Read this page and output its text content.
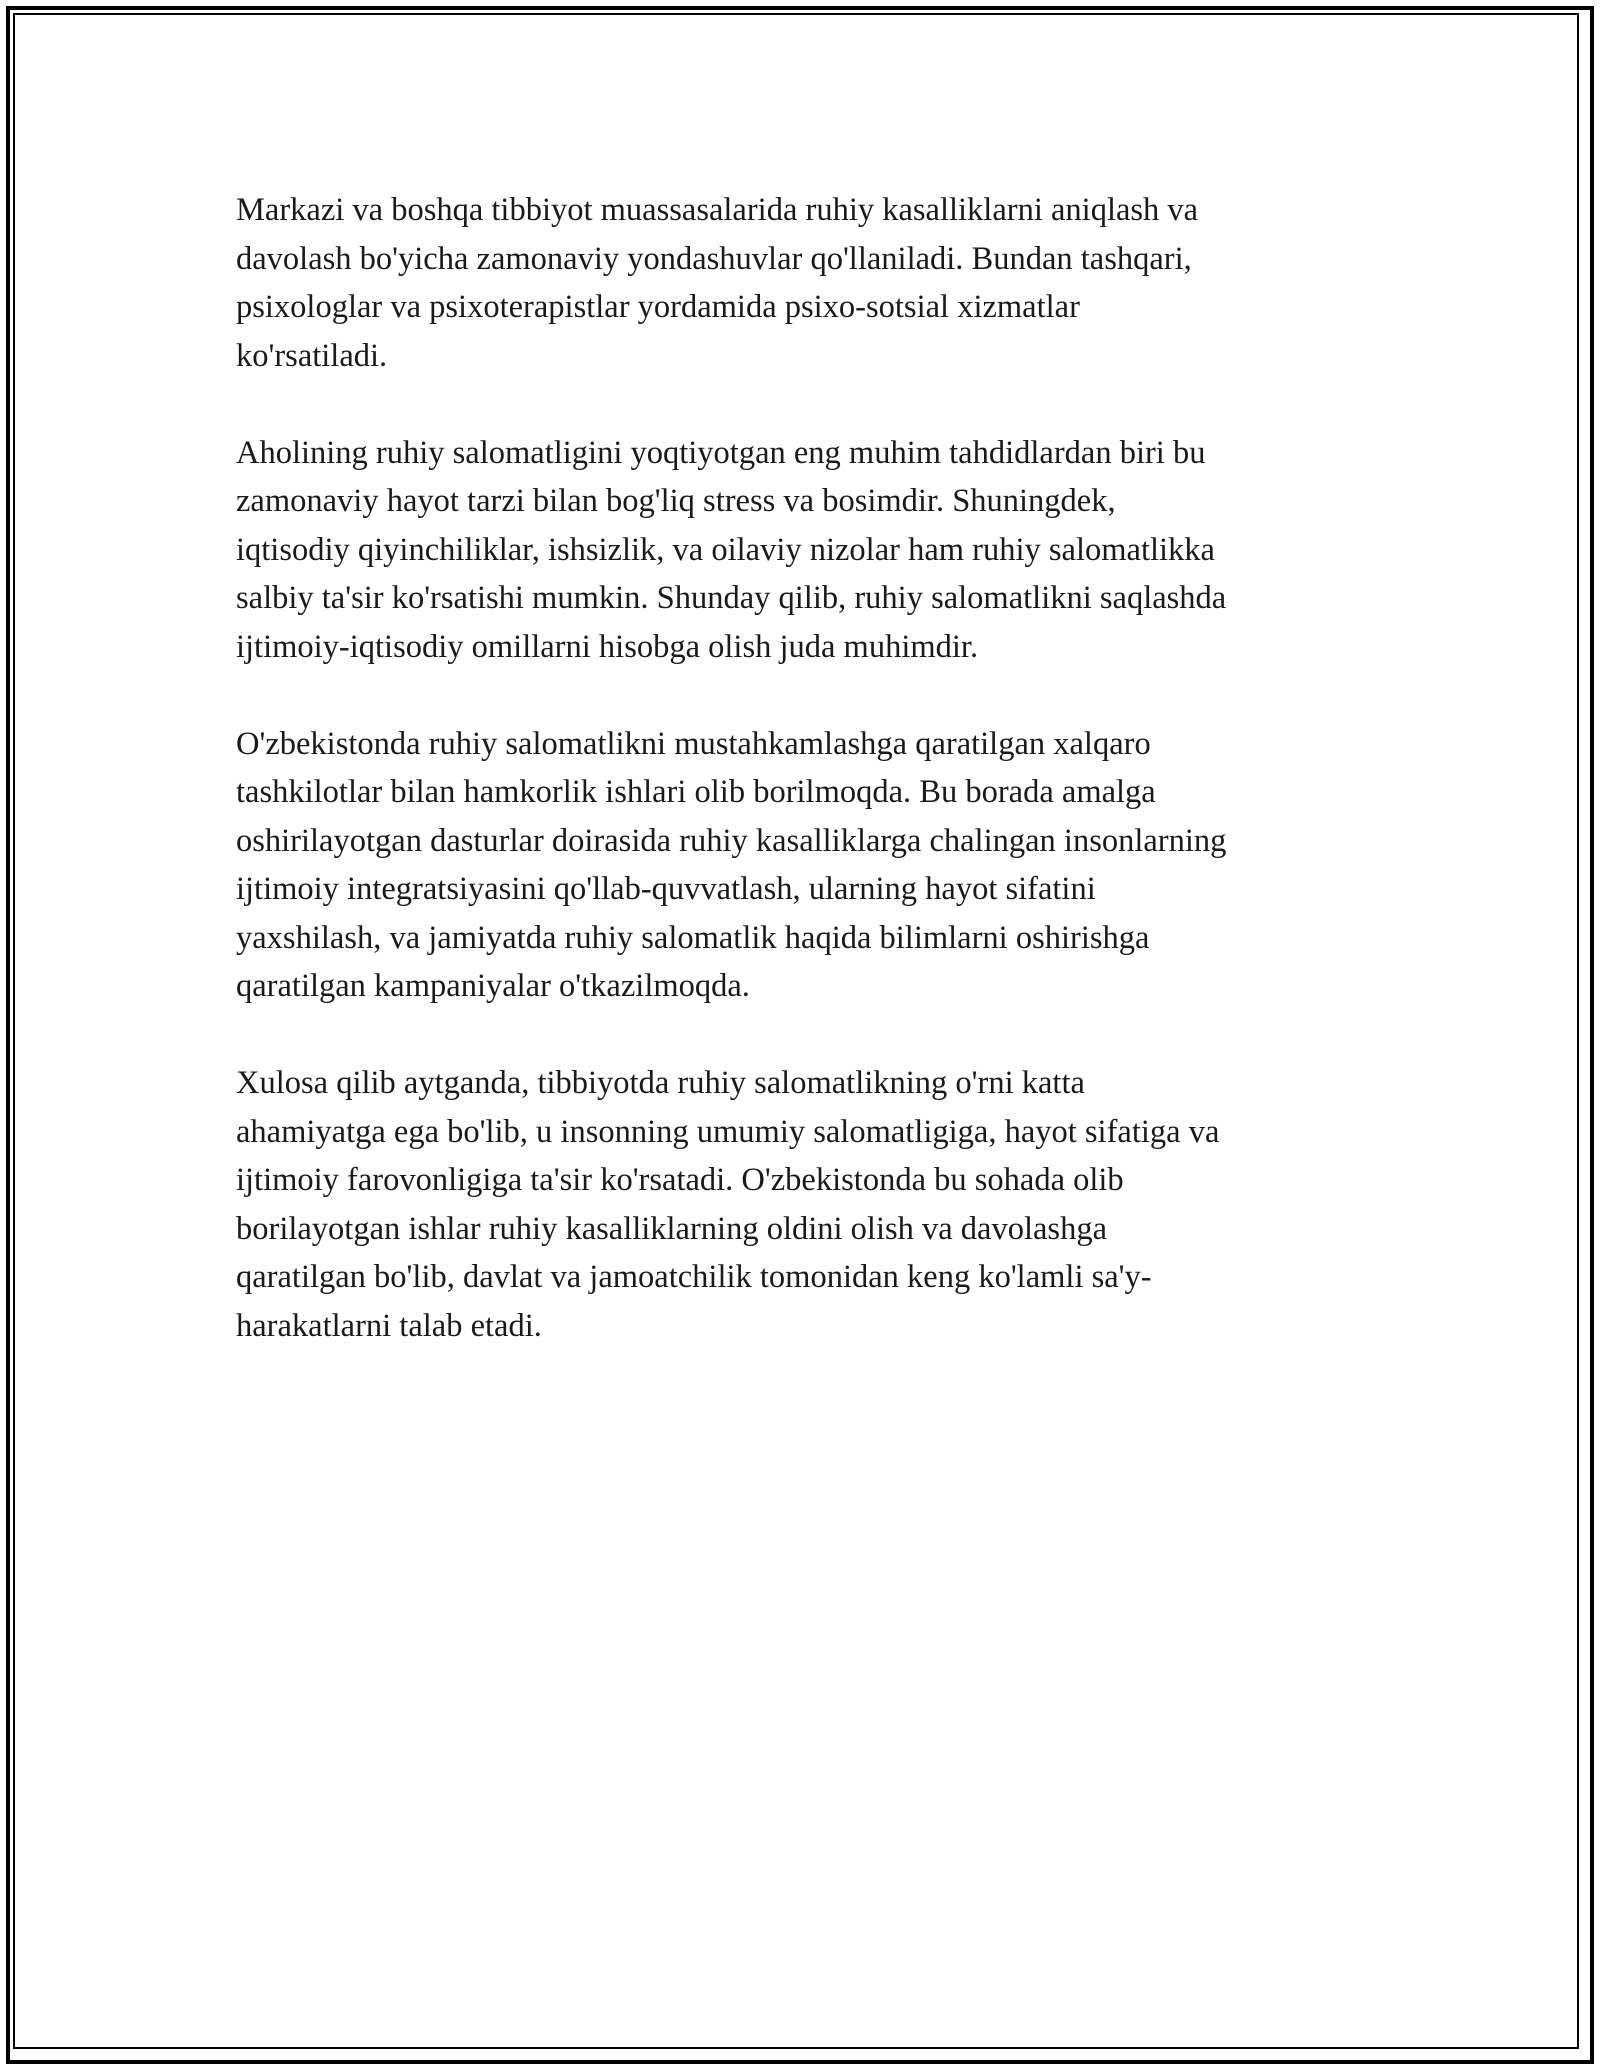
Markazi va boshqa tibbiyot muassasalarida ruhiy kasalliklarni aniqlash va
davolash bo'yicha zamonaviy yondashuvlar qo'llaniladi. Bundan tashqari,
psixologlar va psixoterapistlar yordamida psixo-sotsial xizmatlar
ko'rsatiladi.

Aholining ruhiy salomatligini yoqtiyotgan eng muhim tahdidlardan biri bu
zamonaviy hayot tarzi bilan bog'liq stress va bosimdir. Shuningdek,
iqtisodiy qiyinchiliklar, ishsizlik, va oilaviy nizolar ham ruhiy salomatlikka
salbiy ta'sir ko'rsatishi mumkin. Shunday qilib, ruhiy salomatlikni saqlashda
ijtimoiy-iqtisodiy omillarni hisobga olish juda muhimdir.

O'zbekistonda ruhiy salomatlikni mustahkamlashga qaratilgan xalqaro
tashkilotlar bilan hamkorlik ishlari olib borilmoqda. Bu borada amalga
oshirilayotgan dasturlar doirasida ruhiy kasalliklarga chalingan insonlarning
ijtimoiy integratsiyasini qo'llab-quvvatlash, ularning hayot sifatini
yaxshilash, va jamiyatda ruhiy salomatlik haqida bilimlarni oshirishga
qaratilgan kampaniyalar o'tkazilmoqda.

Xulosa qilib aytganda, tibbiyotda ruhiy salomatlikning o'rni katta
ahamiyatga ega bo'lib, u insonning umumiy salomatligiga, hayot sifatiga va
ijtimoiy farovonligiga ta'sir ko'rsatadi. O'zbekistonda bu sohada olib
borilayotgan ishlar ruhiy kasalliklarning oldini olish va davolashga
qaratilgan bo'lib, davlat va jamoatchilik tomonidan keng ko'lamli sa'y-
harakatlarni talab etadi.
